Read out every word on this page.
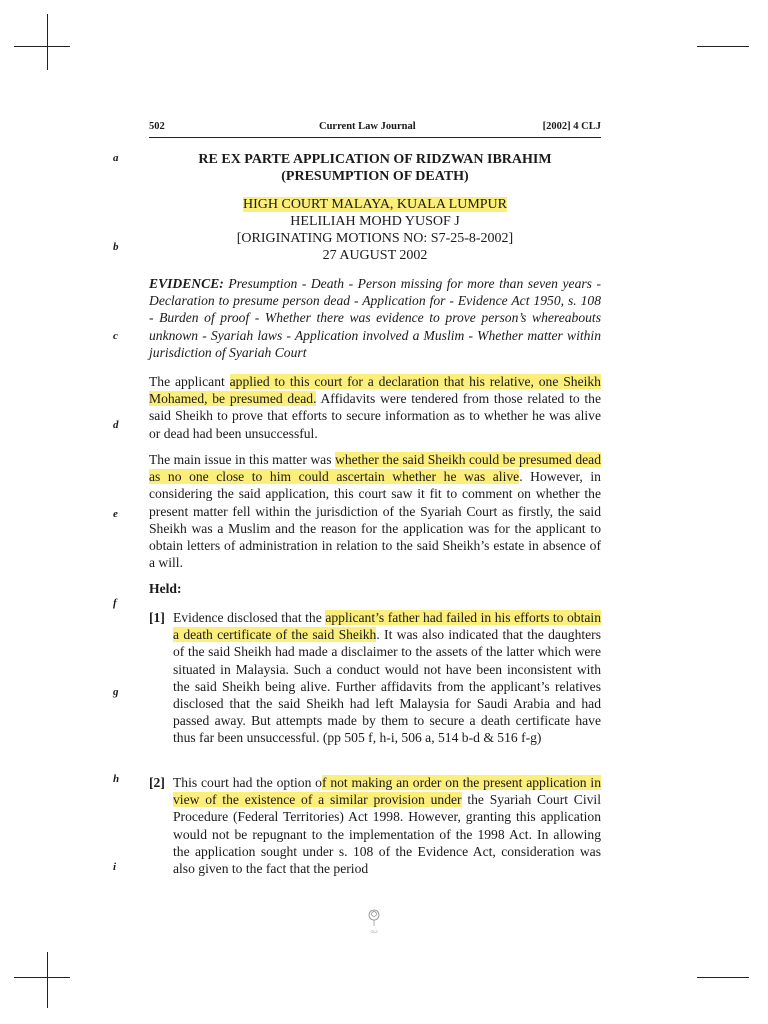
502	Current Law Journal	[2002] 4 CLJ
a
b
c
d
e
f
g
h
i
RE EX PARTE APPLICATION OF RIDZWAN IBRAHIM
(PRESUMPTION OF DEATH)
HIGH COURT MALAYA, KUALA LUMPUR
HELILIAH MOHD YUSOF J
[ORIGINATING MOTIONS NO: S7-25-8-2002]
27 AUGUST 2002
EVIDENCE: Presumption - Death - Person missing for more than seven years - Declaration to presume person dead - Application for - Evidence Act 1950, s. 108 - Burden of proof - Whether there was evidence to prove person’s whereabouts unknown - Syariah laws - Application involved a Muslim - Whether matter within jurisdiction of Syariah Court
The applicant applied to this court for a declaration that his relative, one Sheikh Mohamed, be presumed dead. Affidavits were tendered from those related to the said Sheikh to prove that efforts to secure information as to whether he was alive or dead had been unsuccessful.
The main issue in this matter was whether the said Sheikh could be presumed dead as no one close to him could ascertain whether he was alive. However, in considering the said application, this court saw it fit to comment on whether the present matter fell within the jurisdiction of the Syariah Court as firstly, the said Sheikh was a Muslim and the reason for the application was for the applicant to obtain letters of administration in relation to the said Sheikh’s estate in absence of a will.
Held:
[1] Evidence disclosed that the applicant’s father had failed in his efforts to obtain a death certificate of the said Sheikh. It was also indicated that the daughters of the said Sheikh had made a disclaimer to the assets of the latter which were situated in Malaysia. Such a conduct would not have been inconsistent with the said Sheikh being alive. Further affidavits from the applicant’s relatives disclosed that the said Sheikh had left Malaysia for Saudi Arabia and had passed away. But attempts made by them to secure a death certificate have thus far been unsuccessful. (pp 505 f, h-i, 506 a, 514 b-d & 516 f-g)
[2] This court had the option of not making an order on the present application in view of the existence of a similar provision under the Syariah Court Civil Procedure (Federal Territories) Act 1998. However, granting this application would not be repugnant to the implementation of the 1998 Act. In allowing the application sought under s. 108 of the Evidence Act, consideration was also given to the fact that the period
CLJ
